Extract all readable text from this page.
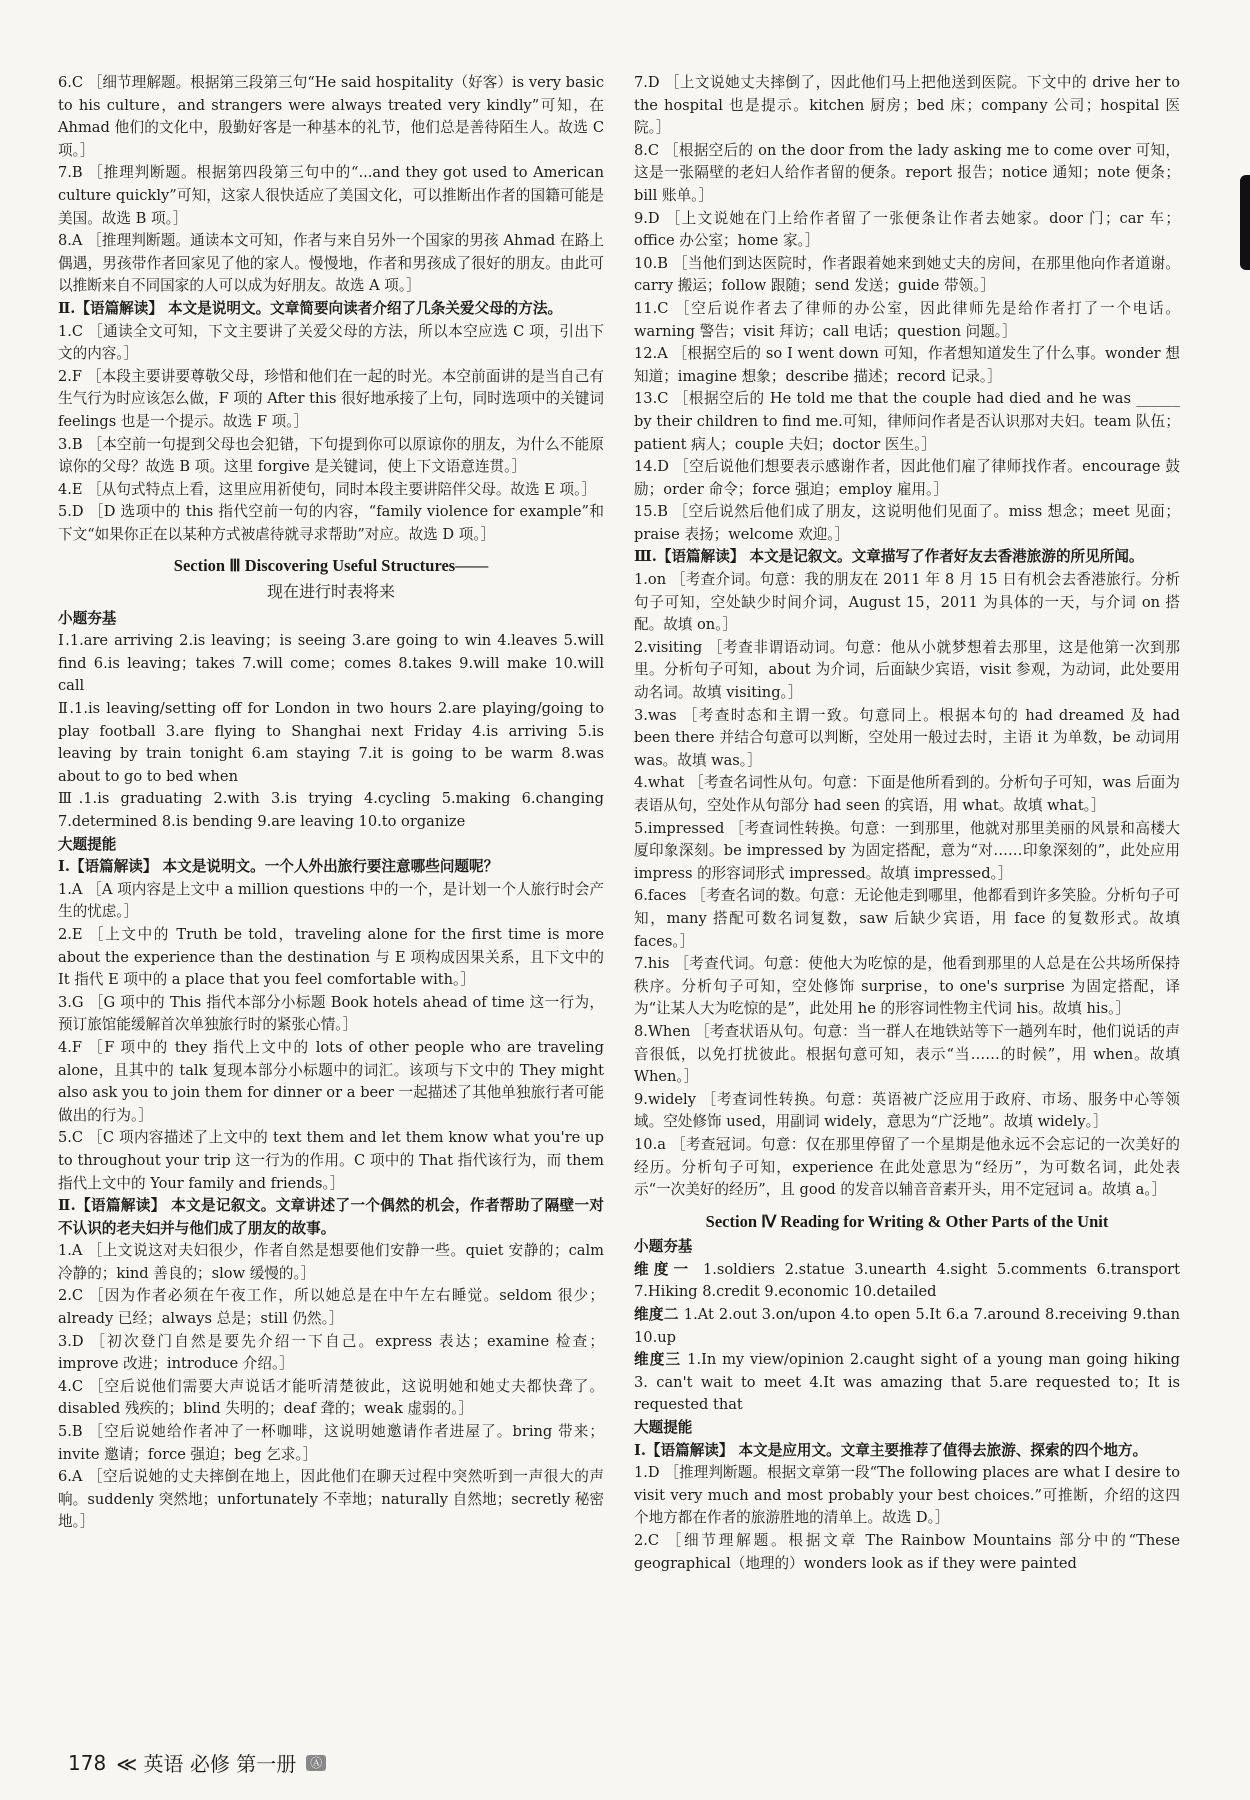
6.C ［细节理解题。根据第三段第三句“He said hospitality（好客）is very basic to his culture，and strangers were always treated very kindly”可知，在 Ahmad 他们的文化中，殷勤好客是一种基本的礼节，他们总是善待陌生人。故选 C 项。］

7.B ［推理判断题。根据第四段第三句中的“...and they got used to American culture quickly”可知，这家人很快适应了美国文化，可以推断出作者的国籍可能是美国。故选 B 项。］

8.A ［推理判断题。通读本文可知，作者与来自另外一个国家的男孩 Ahmad 在路上偶遇，男孩带作者回家见了他的家人。慢慢地，作者和男孩成了很好的朋友。由此可以推断来自不同国家的人可以成为好朋友。故选 A 项。］

Ⅱ.【语篇解读】 本文是说明文。文章简要向读者介绍了几条关爱父母的方法。

1.C ［通读全文可知，下文主要讲了关爱父母的方法，所以本空应选 C 项，引出下文的内容。］

2.F ［本段主要讲要尊敬父母，珍惜和他们在一起的时光。本空前面讲的是当自己有生气行为时应该怎么做，F 项的 After this 很好地承接了上句，同时选项中的关键词 feelings 也是一个提示。故选 F 项。］

3.B ［本空前一句提到父母也会犯错，下句提到你可以原谅你的朋友，为什么不能原谅你的父母？故选 B 项。这里 forgive 是关键词，使上下文语意连贯。］

4.E ［从句式特点上看，这里应用祈使句，同时本段主要讲陪伴父母。故选 E 项。］

5.D ［D 选项中的 this 指代空前一句的内容，“family violence for example”和下文“如果你正在以某种方式被虐待就寻求帮助”对应。故选 D 项。］

Section Ⅲ Discovering Useful Structures——
现在进行时表将来

小题夯基

Ⅰ.1.are arriving 2.is leaving；is seeing 3.are going to win 4.leaves 5.will find 6.is leaving；takes 7.will come；comes 8.takes 9.will make 10.will call

Ⅱ.1.is leaving/setting off for London in two hours 2.are playing/going to play football 3.are flying to Shanghai next Friday 4.is arriving 5.is leaving by train tonight 6.am staying 7.it is going to be warm 8.was about to go to bed when

Ⅲ.1.is graduating 2.with 3.is trying 4.cycling 5.making 6.changing 7.determined 8.is bending 9.are leaving 10.to organize

大题提能

Ⅰ.【语篇解读】 本文是说明文。一个人外出旅行要注意哪些问题呢？

1.A ［A 项内容是上文中 a million questions 中的一个，是计划一个人旅行时会产生的忧虑。］

2.E ［上文中的 Truth be told，traveling alone for the first time is more about the experience than the destination 与 E 项构成因果关系，且下文中的 It 指代 E 项中的 a place that you feel comfortable with。］

3.G ［G 项中的 This 指代本部分小标题 Book hotels ahead of time 这一行为，预订旅馆能缓解首次单独旅行时的紧张心情。］

4.F ［F 项中的 they 指代上文中的 lots of other people who are traveling alone，且其中的 talk 复现本部分小标题中的词汇。该项与下文中的 They might also ask you to join them for dinner or a beer 一起描述了其他单独旅行者可能做出的行为。］

5.C ［C 项内容描述了上文中的 text them and let them know what you're up to throughout your trip 这一行为的作用。C 项中的 That 指代该行为，而 them 指代上文中的 Your family and friends。］

Ⅱ.【语篇解读】 本文是记叙文。文章讲述了一个偶然的机会，作者帮助了隔壁一对不认识的老夫妇并与他们成了朋友的故事。

1.A ［上文说这对夫妇很少，作者自然是想要他们安静一些。quiet 安静的；calm 冷静的；kind 善良的；slow 缓慢的。］

2.C ［因为作者必须在午夜工作，所以她总是在中午左右睡觉。seldom 很少；already 已经；always 总是；still 仍然。］

3.D ［初次登门自然是要先介绍一下自己。express 表达；examine 检查；improve 改进；introduce 介绍。］

4.C ［空后说他们需要大声说话才能听清楚彼此，这说明她和她丈夫都快聋了。disabled 残疾的；blind 失明的；deaf 聋的；weak 虚弱的。］

5.B ［空后说她给作者冲了一杯咖啡，这说明她邀请作者进屋了。bring 带来；invite 邀请；force 强迫；beg 乞求。］

6.A ［空后说她的丈夫摔倒在地上，因此他们在聊天过程中突然听到一声很大的声响。suddenly 突然地；unfortunately 不幸地；naturally 自然地；secretly 秘密地。］

7.D ［上文说她丈夫摔倒了，因此他们马上把他送到医院。下文中的 drive her to the hospital 也是提示。kitchen 厨房；bed 床；company 公司；hospital 医院。］

8.C ［根据空后的 on the door from the lady asking me to come over 可知，这是一张隔壁的老妇人给作者留的便条。report 报告；notice 通知；note 便条；bill 账单。］

9.D ［上文说她在门上给作者留了一张便条让作者去她家。door 门；car 车；office 办公室；home 家。］

10.B ［当他们到达医院时，作者跟着她来到她丈夫的房间，在那里他向作者道谢。carry 搬运；follow 跟随；send 发送；guide 带领。］

11.C ［空后说作者去了律师的办公室，因此律师先是给作者打了一个电话。warning 警告；visit 拜访；call 电话；question 问题。］

12.A ［根据空后的 so I went down 可知，作者想知道发生了什么事。wonder 想知道；imagine 想象；describe 描述；record 记录。］

13.C ［根据空后的 He told me that the couple had died and he was ______ by their children to find me.可知，律师问作者是否认识那对夫妇。team 队伍；patient 病人；couple 夫妇；doctor 医生。］

14.D ［空后说他们想要表示感谢作者，因此他们雇了律师找作者。encourage 鼓励；order 命令；force 强迫；employ 雇用。］

15.B ［空后说然后他们成了朋友，这说明他们见面了。miss 想念；meet 见面；praise 表扬；welcome 欢迎。］

Ⅲ.【语篇解读】 本文是记叙文。文章描写了作者好友去香港旅游的所见所闻。

1.on ［考查介词。句意：我的朋友在 2011 年 8 月 15 日有机会去香港旅行。分析句子可知，空处缺少时间介词，August 15，2011 为具体的一天，与介词 on 搭配。故填 on。］

2.visiting ［考查非谓语动词。句意：他从小就梦想着去那里，这是他第一次到那里。分析句子可知，about 为介词，后面缺少宾语，visit 参观，为动词，此处要用动名词。故填 visiting。］

3.was ［考查时态和主谓一致。句意同上。根据本句的 had dreamed 及 had been there 并结合句意可以判断，空处用一般过去时，主语 it 为单数，be 动词用 was。故填 was。］

4.what ［考查名词性从句。句意：下面是他所看到的。分析句子可知，was 后面为表语从句，空处作从句部分 had seen 的宾语，用 what。故填 what。］

5.impressed ［考查词性转换。句意：一到那里，他就对那里美丽的风景和高楼大厦印象深刻。be impressed by 为固定搭配，意为“对……印象深刻的”，此处应用 impress 的形容词形式 impressed。故填 impressed。］

6.faces ［考查名词的数。句意：无论他走到哪里，他都看到许多笑脸。分析句子可知，many 搭配可数名词复数，saw 后缺少宾语，用 face 的复数形式。故填 faces。］

7.his ［考查代词。句意：使他大为吃惊的是，他看到那里的人总是在公共场所保持秩序。分析句子可知，空处修饰 surprise，to one's surprise 为固定搭配，译为“让某人大为吃惊的是”，此处用 he 的形容词性物主代词 his。故填 his。］

8.When ［考查状语从句。句意：当一群人在地铁站等下一趟列车时，他们说话的声音很低，以免打扰彼此。根据句意可知，表示“当……的时候”，用 when。故填 When。］

9.widely ［考查词性转换。句意：英语被广泛应用于政府、市场、服务中心等领域。空处修饰 used，用副词 widely，意思为“广泛地”。故填 widely。］

10.a ［考查冠词。句意：仅在那里停留了一个星期是他永远不会忘记的一次美好的经历。分析句子可知，experience 在此处意思为“经历”，为可数名词，此处表示“一次美好的经历”，且 good 的发音以辅音音素开头，用不定冠词 a。故填 a。］

Section Ⅳ Reading for Writing & Other Parts of the Unit

小题夯基

维度一 1.soldiers 2.statue 3.unearth 4.sight 5.comments 6.transport 7.Hiking 8.credit 9.economic 10.detailed

维度二 1.At 2.out 3.on/upon 4.to open 5.It 6.a 7.around 8.receiving 9.than 10.up

维度三 1.In my view/opinion 2.caught sight of a young man going hiking 3. can't wait to meet 4.It was amazing that 5.are requested to；It is requested that

大题提能

Ⅰ.【语篇解读】 本文是应用文。文章主要推荐了值得去旅游、探索的四个地方。

1.D ［推理判断题。根据文章第一段“The following places are what I desire to visit very much and most probably your best choices.”可推断，介绍的这四个地方都在作者的旅游胜地的清单上。故选 D。］

2.C ［细节理解题。根据文章 The Rainbow Mountains 部分中的“These geographical（地理的）wonders look as if they were painted

178 ≪ 英语 必修 第一册	Ⓐ
